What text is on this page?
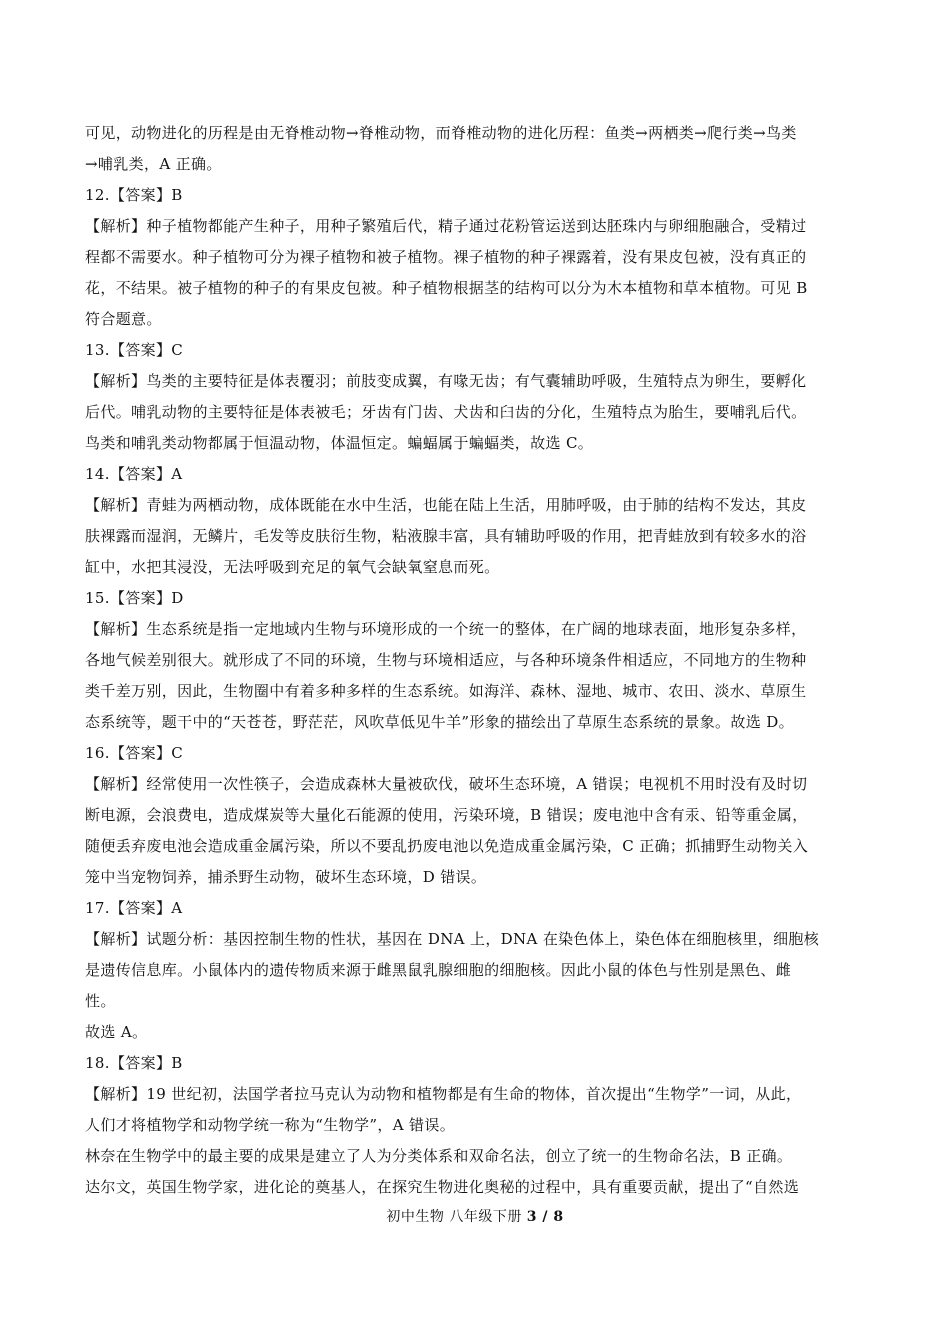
可见，动物进化的历程是由无脊椎动物→脊椎动物，而脊椎动物的进化历程：鱼类→两栖类→爬行类→鸟类
→哺乳类，A 正确。
12.【答案】B
【解析】种子植物都能产生种子，用种子繁殖后代，精子通过花粉管运送到达胚珠内与卵细胞融合，受精过
程都不需要水。种子植物可分为裸子植物和被子植物。裸子植物的种子裸露着，没有果皮包被，没有真正的
花，不结果。被子植物的种子的有果皮包被。种子植物根据茎的结构可以分为木本植物和草本植物。可见 B
符合题意。
13.【答案】C
【解析】鸟类的主要特征是体表覆羽；前肢变成翼，有喙无齿；有气囊辅助呼吸，生殖特点为卵生，要孵化
后代。哺乳动物的主要特征是体表被毛；牙齿有门齿、犬齿和臼齿的分化，生殖特点为胎生，要哺乳后代。
鸟类和哺乳类动物都属于恒温动物，体温恒定。蝙蝠属于蝙蝠类，故选 C。
14.【答案】A
【解析】青蛙为两栖动物，成体既能在水中生活，也能在陆上生活，用肺呼吸，由于肺的结构不发达，其皮
肤裸露而湿润，无鳞片，毛发等皮肤衍生物，粘液腺丰富，具有辅助呼吸的作用，把青蛙放到有较多水的浴
缸中，水把其浸没，无法呼吸到充足的氧气会缺氧窒息而死。
15.【答案】D
【解析】生态系统是指一定地域内生物与环境形成的一个统一的整体，在广阔的地球表面，地形复杂多样，
各地气候差别很大。就形成了不同的环境，生物与环境相适应，与各种环境条件相适应，不同地方的生物种
类千差万别，因此，生物圈中有着多种多样的生态系统。如海洋、森林、湿地、城市、农田、淡水、草原生
态系统等，题干中的“天苍苍，野茫茫，风吹草低见牛羊”形象的描绘出了草原生态系统的景象。故选 D。
16.【答案】C
【解析】经常使用一次性筷子，会造成森林大量被砍伐，破坏生态环境，A 错误；电视机不用时没有及时切
断电源，会浪费电，造成煤炭等大量化石能源的使用，污染环境，B 错误；废电池中含有汞、铅等重金属，
随便丢弃废电池会造成重金属污染，所以不要乱扔废电池以免造成重金属污染，C 正确；抓捕野生动物关入
笼中当宠物饲养，捕杀野生动物，破坏生态环境，D 错误。
17.【答案】A
【解析】试题分析：基因控制生物的性状，基因在 DNA 上，DNA 在染色体上，染色体在细胞核里，细胞核
是遗传信息库。小鼠体内的遗传物质来源于雌黑鼠乳腺细胞的细胞核。因此小鼠的体色与性别是黑色、雌
性。
故选 A。
18.【答案】B
【解析】19 世纪初，法国学者拉马克认为动物和植物都是有生命的物体，首次提出“生物学”一词，从此，
人们才将植物学和动物学统一称为“生物学”，A 错误。
林奈在生物学中的最主要的成果是建立了人为分类体系和双命名法，创立了统一的生物命名法，B 正确。
达尔文，英国生物学家，进化论的奠基人，在探究生物进化奥秘的过程中，具有重要贡献，提出了“自然选
初中生物 八年级下册 3 / 8
